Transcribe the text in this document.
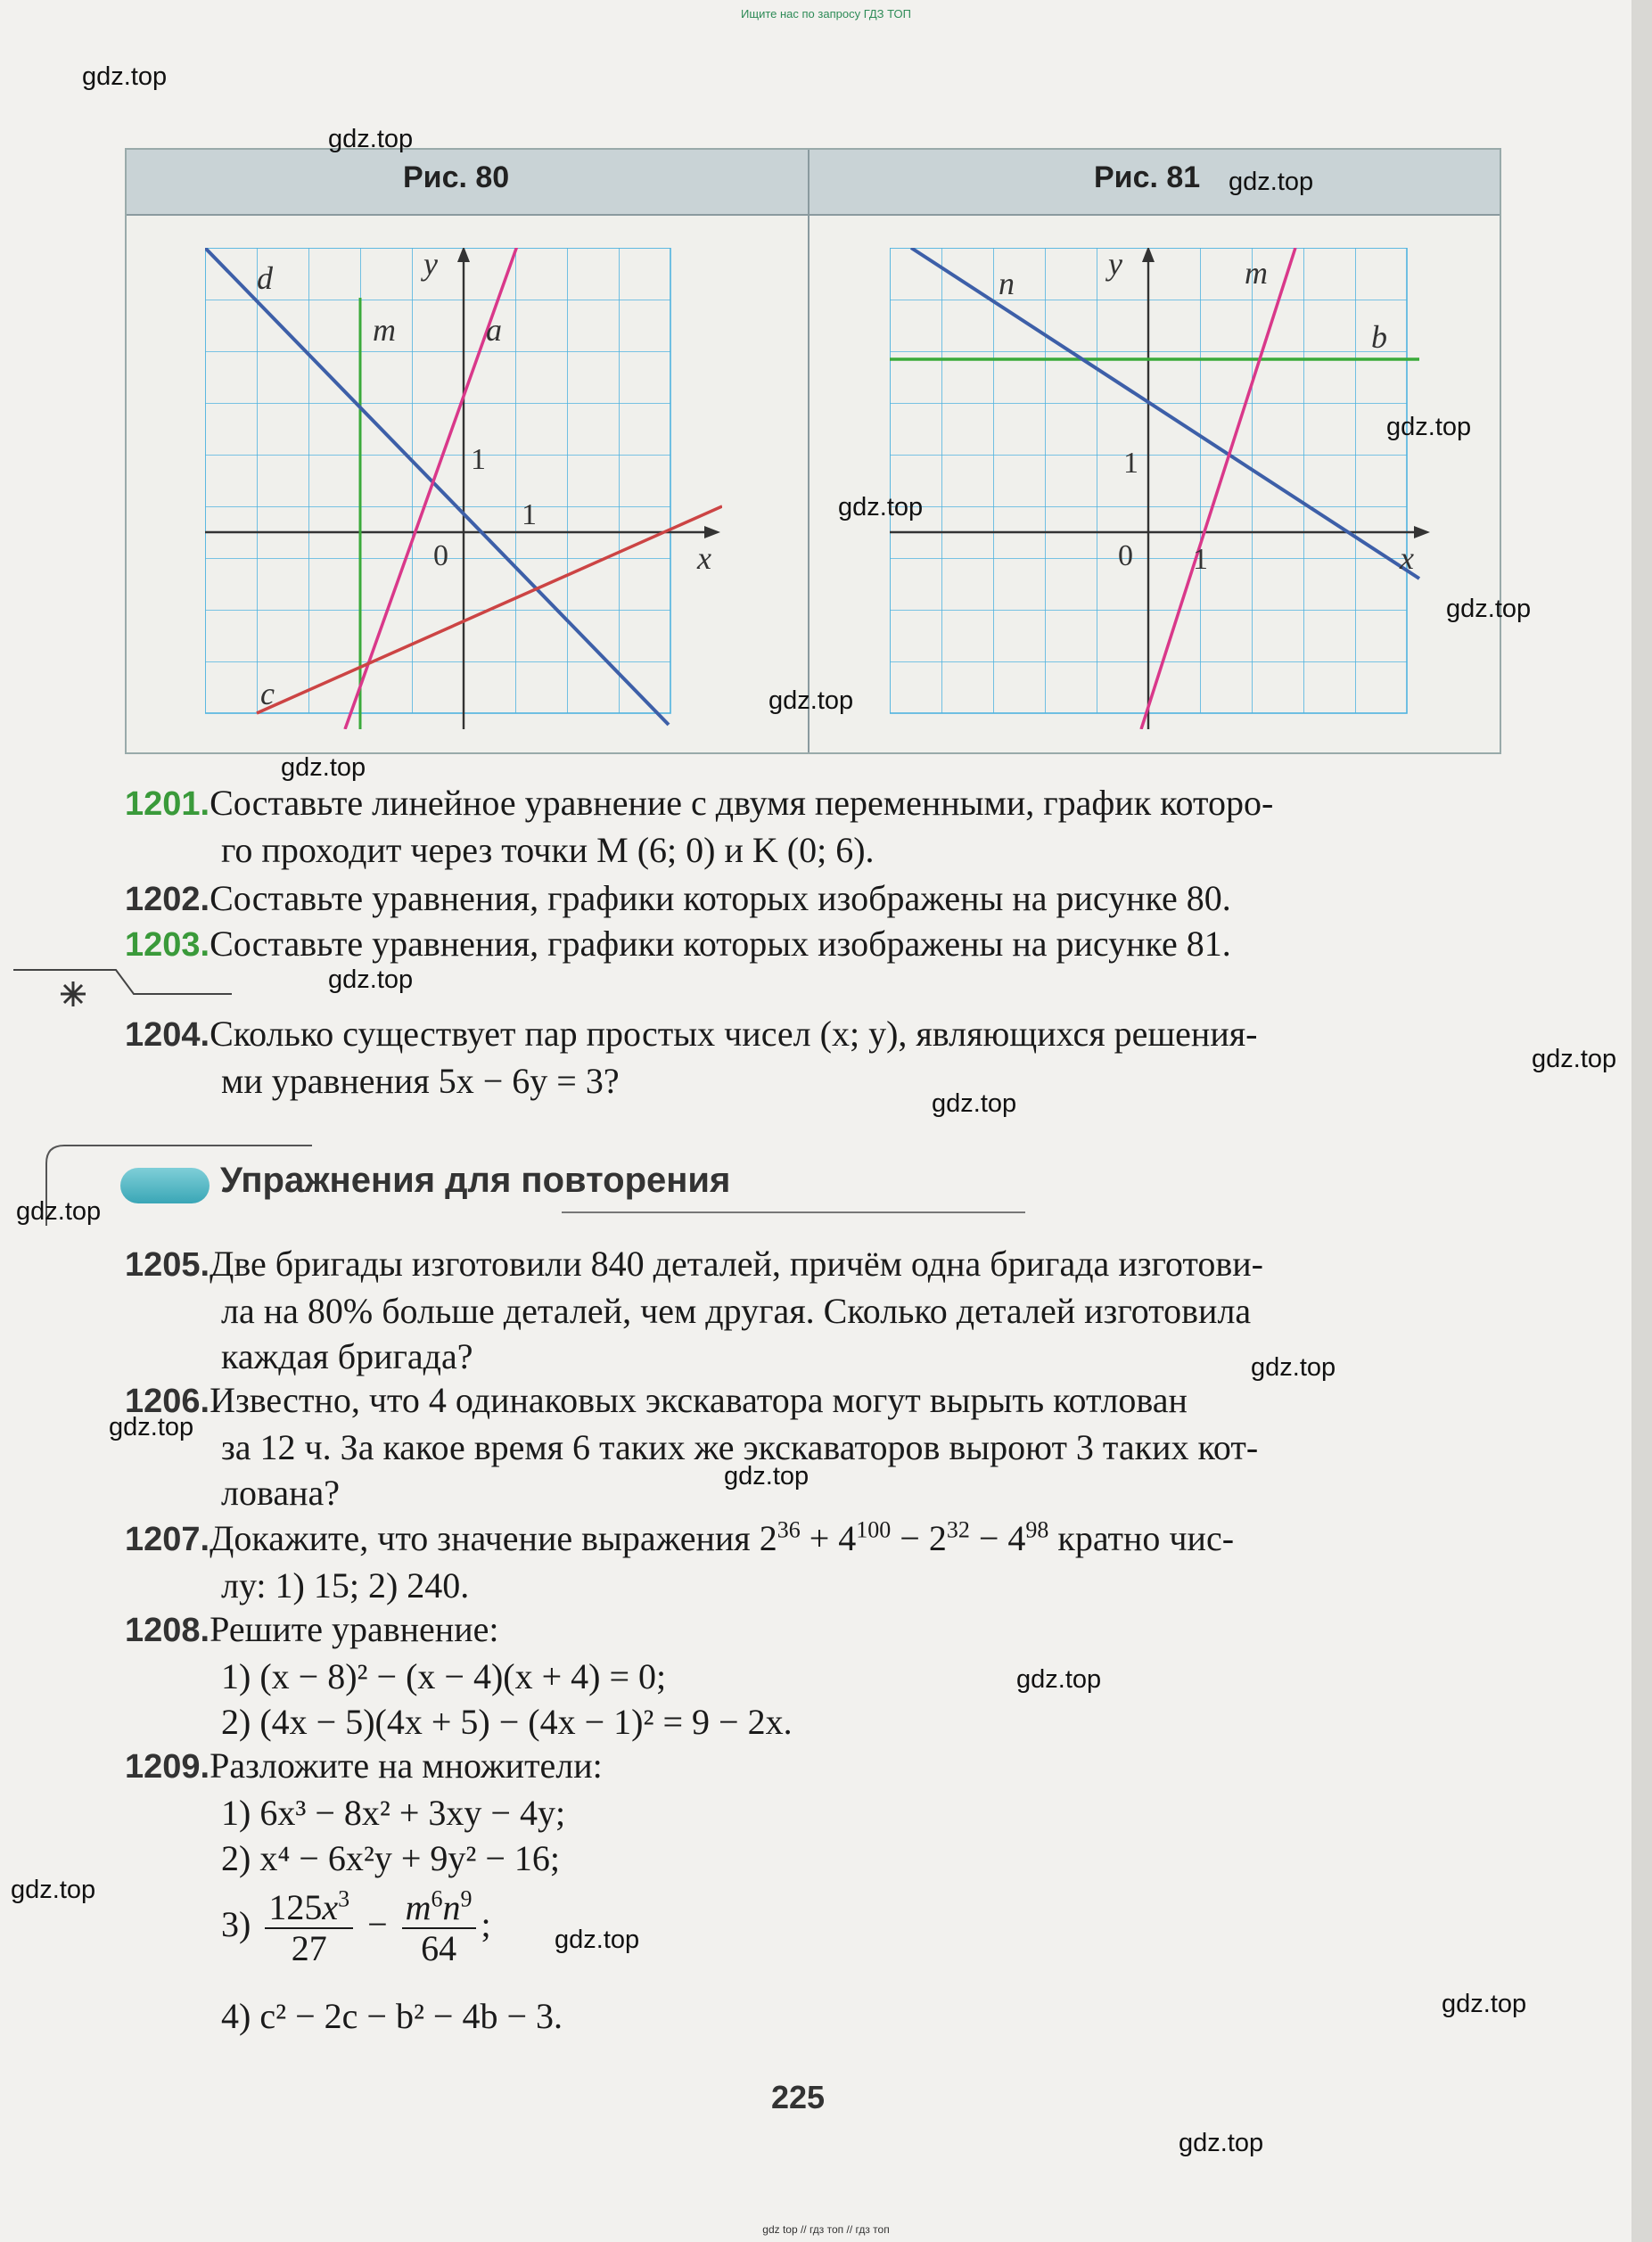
Ищите нас по запросу ГДЗ ТОП
Рис. 80	Рис. 81
d
m	a
c
y
x
0
1
1
n	m
b
y
x
0
1
1
1201.Составьте линейное уравнение с двумя переменными, график которо-
го проходит через точки M (6; 0) и K (0; 6).
1202.Составьте уравнения, графики которых изображены на рисунке 80.
1203.Составьте уравнения, графики которых изображены на рисунке 81.
1204.Сколько существует пар простых чисел (x; y), являющихся решения-
ми уравнения 5x − 6y = 3?
Упражнения для повторения
1205.Две бригады изготовили 840 деталей, причём одна бригада изготови-
ла на 80% больше деталей, чем другая. Сколько деталей изготовила
каждая бригада?
1206.Известно, что 4 одинаковых экскаватора могут вырыть котлован
за 12 ч. За какое время 6 таких же экскаваторов выроют 3 таких кот-
лована?
1207.Докажите, что значение выражения $2^{36} + 4^{100} - 2^{32} - 4^{98}$ кратно чис-
лу: 1) 15; 2) 240.
1208.Решите уравнение:
1) (x − 8)² − (x − 4)(x + 4) = 0;
2) (4x − 5)(4x + 5) − (4x − 1)² = 9 − 2x.
1209.Разложите на множители:
1) 6x³ − 8x² + 3xy − 4y;
2) x⁴ − 6x²y + 9y² − 16;
$3) \frac{125x^3}{27} - \frac{m^6n^9}{64}$ ;
4) c² − 2c − b² − 4b − 3.
225
gdz.top
gdz.top
gdz.top
gdz.top
gdz.top
gdz.top
gdz.top
gdz.top
gdz.top
gdz.top
gdz.top
gdz.top
gdz.top
gdz.top
gdz.top
gdz.top
gdz.top
gdz.top
gdz.top
gdz.top
gdz top // гдз топ // гдз топ
